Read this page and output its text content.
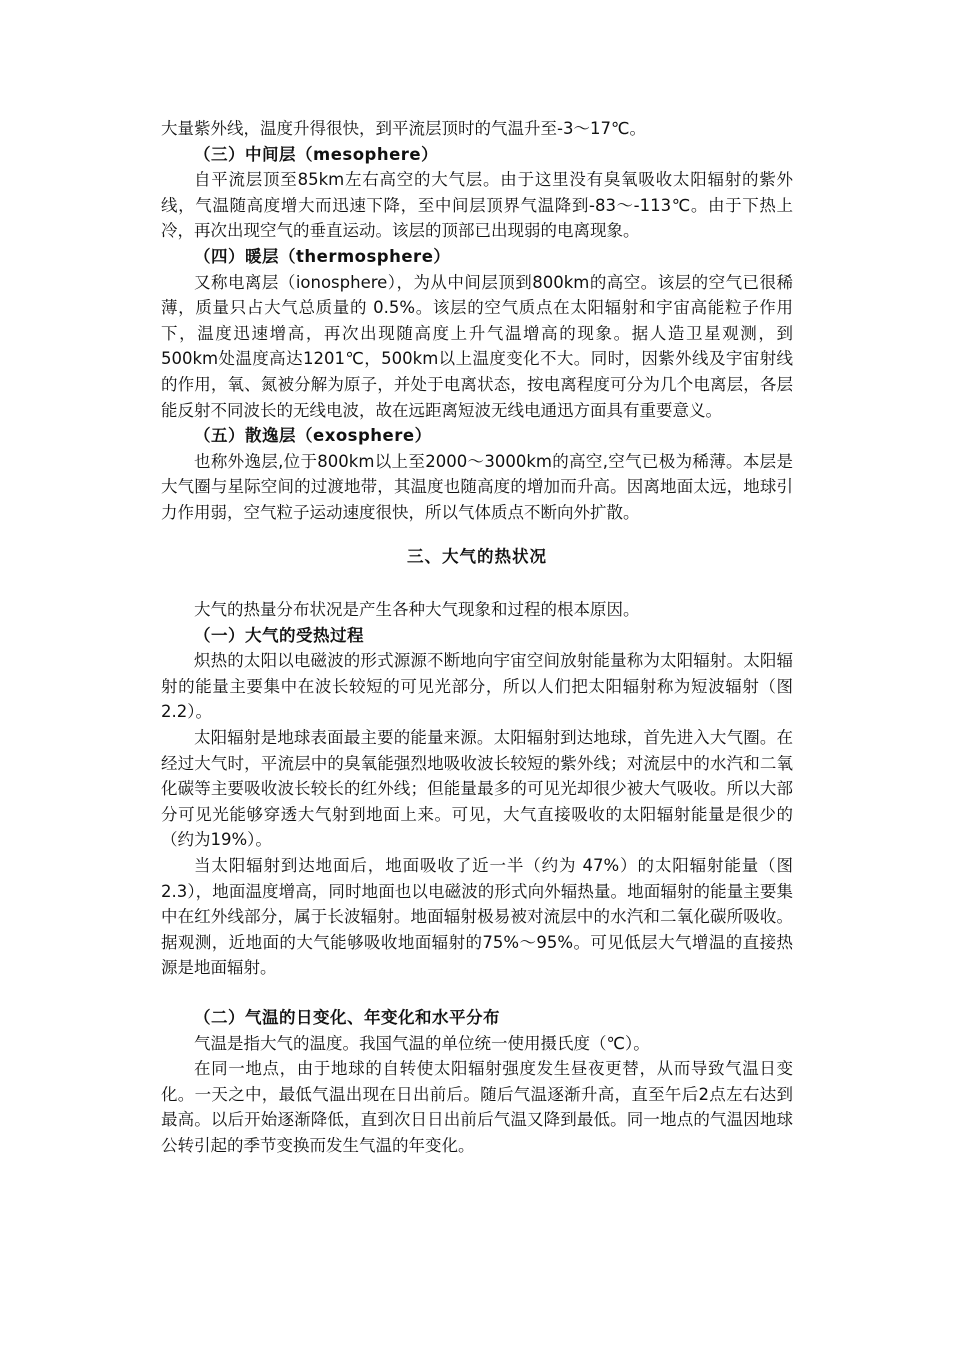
大量紫外线，温度升得很快，到平流层顶时的气温升至-3～17℃。

（三）中间层（mesophere）

自平流层顶至85km左右高空的大气层。由于这里没有臭氧吸收太阳辐射的紫外线，气温随高度增大而迅速下降，至中间层顶界气温降到-83～-113℃。由于下热上冷，再次出现空气的垂直运动。该层的顶部已出现弱的电离现象。

（四）暖层（thermosphere）

又称电离层（ionosphere），为从中间层顶到800km的高空。该层的空气已很稀薄，质量只占大气总质量的 0.5%。该层的空气质点在太阳辐射和宇宙高能粒子作用下，温度迅速增高，再次出现随高度上升气温增高的现象。据人造卫星观测，到500km处温度高达1201℃，500km以上温度变化不大。同时，因紫外线及宇宙射线的作用，氧、氮被分解为原子，并处于电离状态，按电离程度可分为几个电离层，各层能反射不同波长的无线电波，故在远距离短波无线电通迅方面具有重要意义。

（五）散逸层（exosphere）

也称外逸层,位于800km以上至2000～3000km的高空,空气已极为稀薄。本层是大气圈与星际空间的过渡地带，其温度也随高度的增加而升高。因离地面太远，地球引力作用弱，空气粒子运动速度很快，所以气体质点不断向外扩散。

三、大气的热状况

大气的热量分布状况是产生各种大气现象和过程的根本原因。

（一）大气的受热过程

炽热的太阳以电磁波的形式源源不断地向宇宙空间放射能量称为太阳辐射。太阳辐射的能量主要集中在波长较短的可见光部分，所以人们把太阳辐射称为短波辐射（图2.2）。

太阳辐射是地球表面最主要的能量来源。太阳辐射到达地球，首先进入大气圈。在经过大气时，平流层中的臭氧能强烈地吸收波长较短的紫外线；对流层中的水汽和二氧化碳等主要吸收波长较长的红外线；但能量最多的可见光却很少被大气吸收。所以大部分可见光能够穿透大气射到地面上来。可见，大气直接吸收的太阳辐射能量是很少的（约为19%）。

当太阳辐射到达地面后，地面吸收了近一半（约为 47%）的太阳辐射能量（图 2.3），地面温度增高，同时地面也以电磁波的形式向外辐热量。地面辐射的能量主要集中在红外线部分，属于长波辐射。地面辐射极易被对流层中的水汽和二氧化碳所吸收。据观测，近地面的大气能够吸收地面辐射的75%～95%。可见低层大气增温的直接热源是地面辐射。

（二）气温的日变化、年变化和水平分布

气温是指大气的温度。我国气温的单位统一使用摄氏度（℃）。

在同一地点，由于地球的自转使太阳辐射强度发生昼夜更替，从而导致气温日变化。一天之中，最低气温出现在日出前后。随后气温逐渐升高，直至午后2点左右达到最高。以后开始逐渐降低，直到次日日出前后气温又降到最低。同一地点的气温因地球公转引起的季节变换而发生气温的年变化。
